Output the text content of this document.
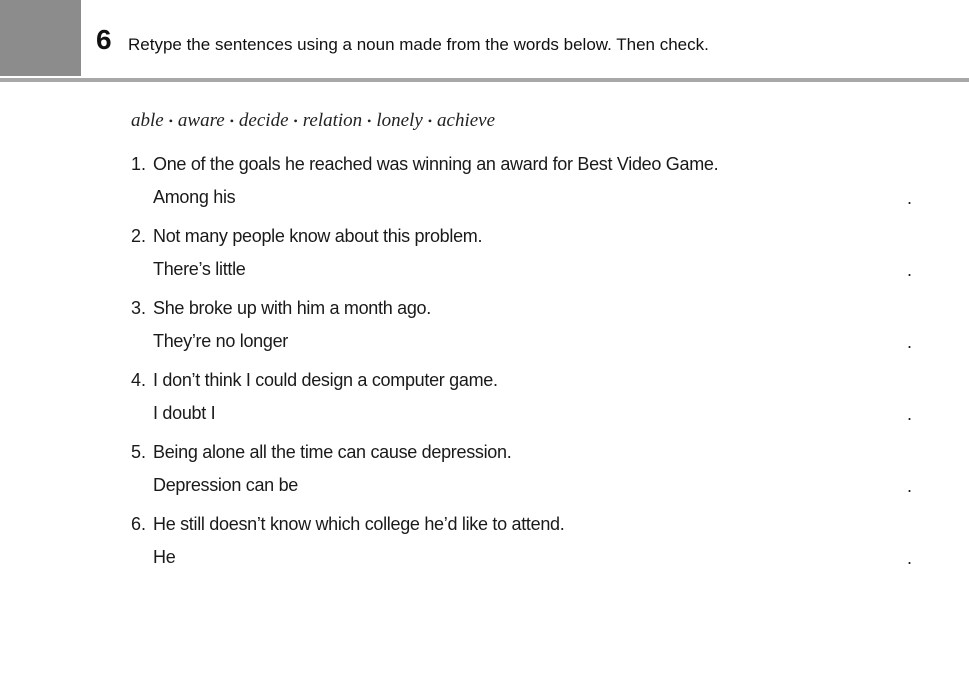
6 Retype the sentences using a noun made from the words below. Then check.
able • aware • decide • relation • lonely • achieve
1. One of the goals he reached was winning an award for Best Video Game.
Among his	.
2. Not many people know about this problem.
There’s little	.
3. She broke up with him a month ago.
They’re no longer	.
4. I don’t think I could design a computer game.
I doubt I	.
5. Being alone all the time can cause depression.
Depression can be	.
6. He still doesn’t know which college he’d like to attend.
He	.
